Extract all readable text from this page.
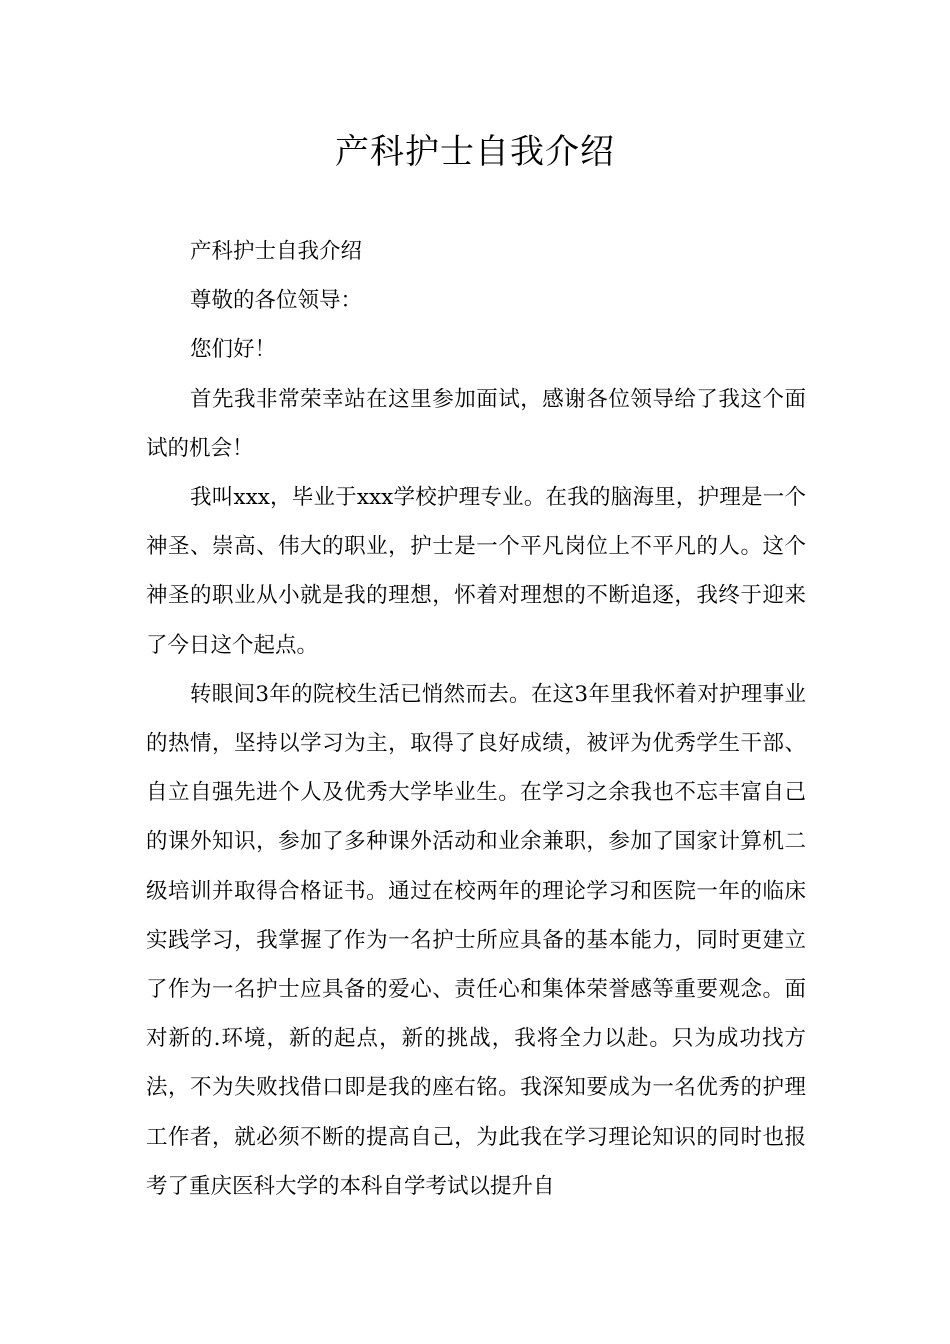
产科护士自我介绍

产科护士自我介绍

尊敬的各位领导：

您们好！

首先我非常荣幸站在这里参加面试，感谢各位领导给了我这个面试的机会！

我叫xxx，毕业于xxx学校护理专业。在我的脑海里，护理是一个神圣、崇高、伟大的职业，护士是一个平凡岗位上不平凡的人。这个神圣的职业从小就是我的理想，怀着对理想的不断追逐，我终于迎来了今日这个起点。

转眼间3年的院校生活已悄然而去。在这3年里我怀着对护理事业的热情，坚持以学习为主，取得了良好成绩，被评为优秀学生干部、自立自强先进个人及优秀大学毕业生。在学习之余我也不忘丰富自己的课外知识，参加了多种课外活动和业余兼职，参加了国家计算机二级培训并取得合格证书。通过在校两年的理论学习和医院一年的临床实践学习，我掌握了作为一名护士所应具备的基本能力，同时更建立了作为一名护士应具备的爱心、责任心和集体荣誉感等重要观念。面对新的.环境，新的起点，新的挑战，我将全力以赴。只为成功找方法，不为失败找借口即是我的座右铭。我深知要成为一名优秀的护理工作者，就必须不断的提高自己，为此我在学习理论知识的同时也报考了重庆医科大学的本科自学考试以提升自
